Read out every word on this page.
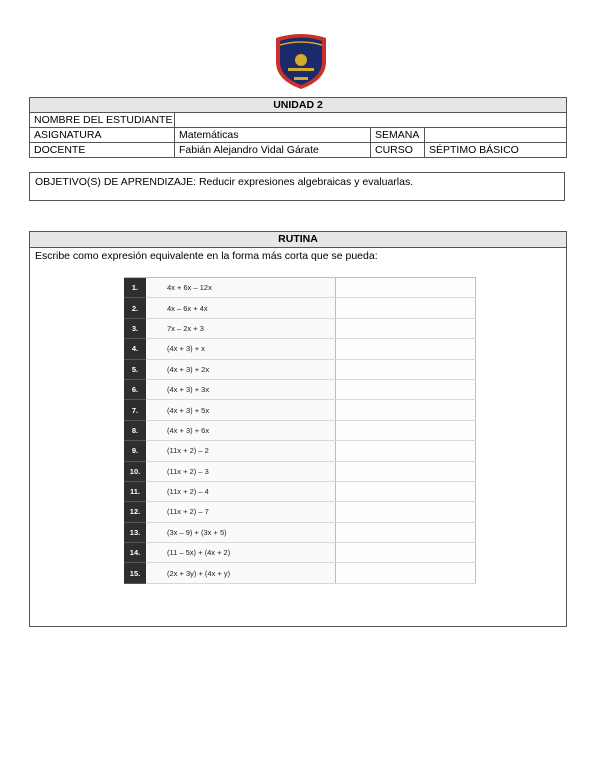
UNIDAD 2			
NOMBRE DEL ESTUDIANTE			
ASIGNATURA	Matemáticas	SEMANA	
DOCENTE	Fabián Alejandro Vidal Gárate	CURSO	SÉPTIMO BÁSICO
OBJETIVO(S) DE APRENDIZAJE: Reducir expresiones algebraicas y evaluarlas.
RUTINA
Escribe como expresión equivalente en la forma más corta que se pueda:
1.	4x + 6x – 12x	
2.	4x – 6x + 4x	
3.	7x – 2x + 3	
4.	(4x + 3) + x	
5.	(4x + 3) + 2x	
6.	(4x + 3) + 3x	
7.	(4x + 3) + 5x	
8.	(4x + 3) + 6x	
9.	(11x + 2) – 2	
10.	(11x + 2) – 3	
11.	(11x + 2) – 4	
12.	(11x + 2) – 7	
13.	(3x – 9) + (3x + 5)	
14.	(11 – 5x) + (4x + 2)	
15.	(2x + 3y) + (4x + y)	
